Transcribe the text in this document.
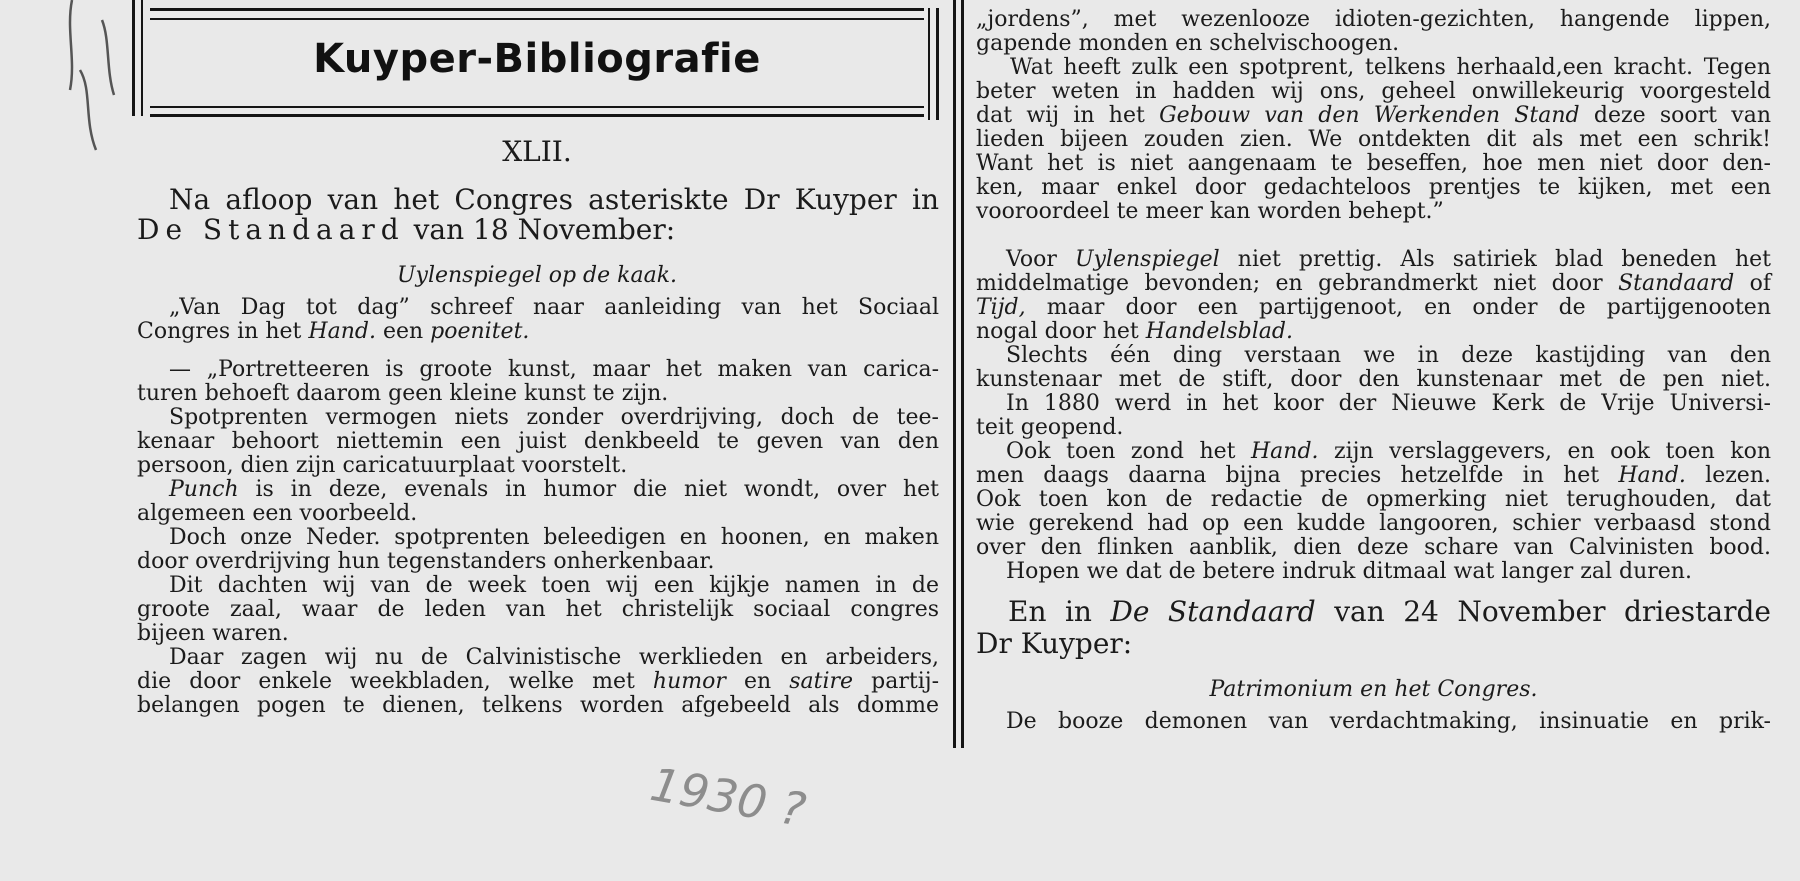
Kuyper-Bibliografie
XLII.
Na afloop van het Congres asteriskte Dr Kuyper in
De Standaard van 18 November:
Uylenspiegel op de kaak.
„Van Dag tot dag” schreef naar aanleiding van het Sociaal
Congres in het Hand. een poenitet.
— „Portretteeren is groote kunst, maar het maken van carica-
turen behoeft daarom geen kleine kunst te zijn.
Spotprenten vermogen niets zonder overdrijving, doch de tee-
kenaar behoort niettemin een juist denkbeeld te geven van den
persoon, dien zijn caricatuurplaat voorstelt.
Punch is in deze, evenals in humor die niet wondt, over het
algemeen een voorbeeld.
Doch onze Neder. spotprenten beleedigen en hoonen, en maken
door overdrijving hun tegenstanders onherkenbaar.
Dit dachten wij van de week toen wij een kijkje namen in de
groote zaal, waar de leden van het christelijk sociaal congres
bijeen waren.
Daar zagen wij nu de Calvinistische werklieden en arbeiders,
die door enkele weekbladen, welke met humor en satire partij-
belangen pogen te dienen, telkens worden afgebeeld als domme
„jordens”, met wezenlooze idioten-gezichten, hangende lippen,
gapende monden en schelvischoogen.
Wat heeft zulk een spotprent, telkens herhaald,een kracht. Tegen
beter weten in hadden wij ons, geheel onwillekeurig voorgesteld
dat wij in het Gebouw van den Werkenden Stand deze soort van
lieden bijeen zouden zien. We ontdekten dit als met een schrik!
Want het is niet aangenaam te beseffen, hoe men niet door den-
ken, maar enkel door gedachteloos prentjes te kijken, met een
vooroordeel te meer kan worden behept.”
Voor Uylenspiegel niet prettig. Als satiriek blad beneden het
middelmatige bevonden; en gebrandmerkt niet door Standaard of
Tijd, maar door een partijgenoot, en onder de partijgenooten
nogal door het Handelsblad.
Slechts één ding verstaan we in deze kastijding van den
kunstenaar met de stift, door den kunstenaar met de pen niet.
In 1880 werd in het koor der Nieuwe Kerk de Vrije Universi-
teit geopend.
Ook toen zond het Hand. zijn verslaggevers, en ook toen kon
men daags daarna bijna precies hetzelfde in het Hand. lezen.
Ook toen kon de redactie de opmerking niet terughouden, dat
wie gerekend had op een kudde langooren, schier verbaasd stond
over den flinken aanblik, dien deze schare van Calvinisten bood.
Hopen we dat de betere indruk ditmaal wat langer zal duren.
En in De Standaard van 24 November driestarde
Dr Kuyper:
Patrimonium en het Congres.
De booze demonen van verdachtmaking, insinuatie en prik-
1930 ?
